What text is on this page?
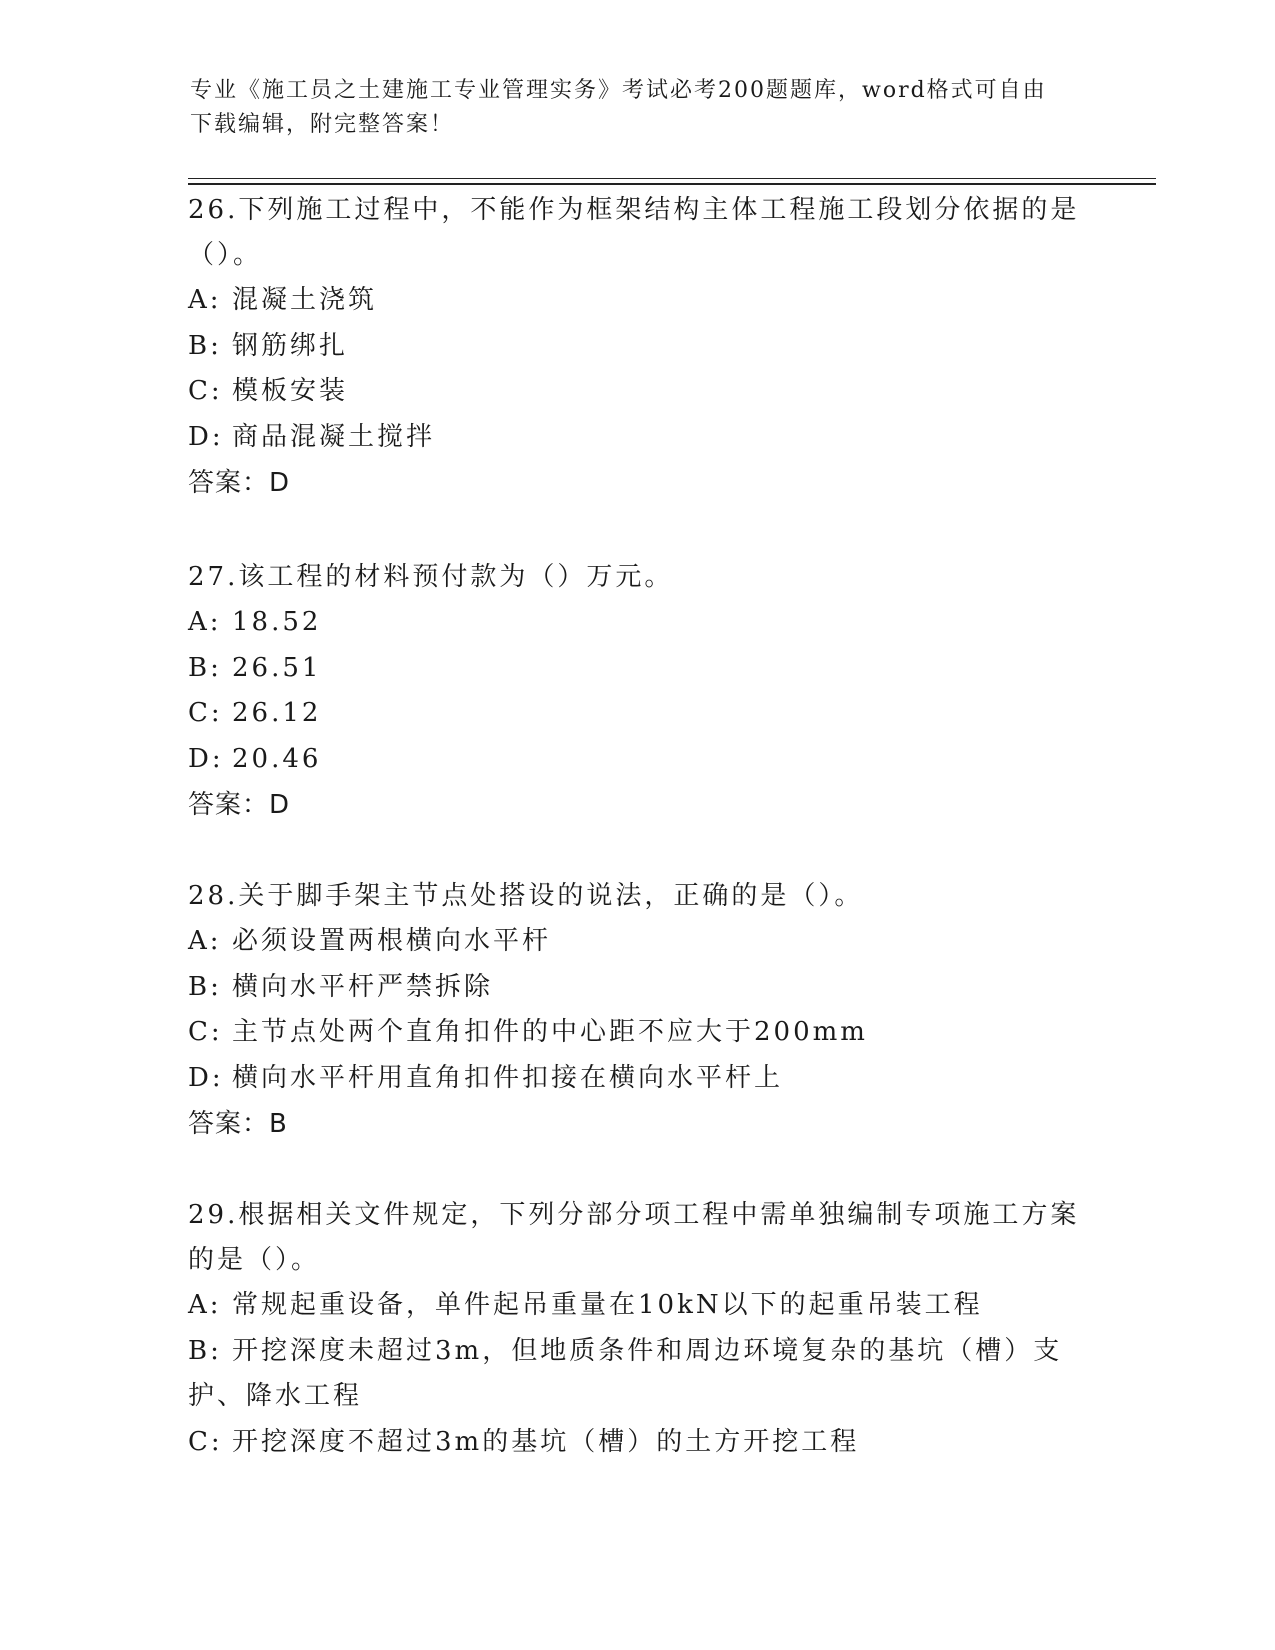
专业《施工员之土建施工专业管理实务》考试必考200题题库，word格式可自由下载编辑，附完整答案！
26.下列施工过程中，不能作为框架结构主体工程施工段划分依据的是（）。
A: 混凝土浇筑
B: 钢筋绑扎
C: 模板安装
D: 商品混凝土搅拌
答案：D
27.该工程的材料预付款为（）万元。
A: 18.52
B: 26.51
C: 26.12
D: 20.46
答案：D
28.关于脚手架主节点处搭设的说法，正确的是（）。
A: 必须设置两根横向水平杆
B: 横向水平杆严禁拆除
C: 主节点处两个直角扣件的中心距不应大于200mm
D: 横向水平杆用直角扣件扣接在横向水平杆上
答案：B
29.根据相关文件规定，下列分部分项工程中需单独编制专项施工方案的是（）。
A: 常规起重设备，单件起吊重量在10kN以下的起重吊装工程
B: 开挖深度未超过3m，但地质条件和周边环境复杂的基坑（槽）支护、降水工程
C: 开挖深度不超过3m的基坑（槽）的土方开挖工程
